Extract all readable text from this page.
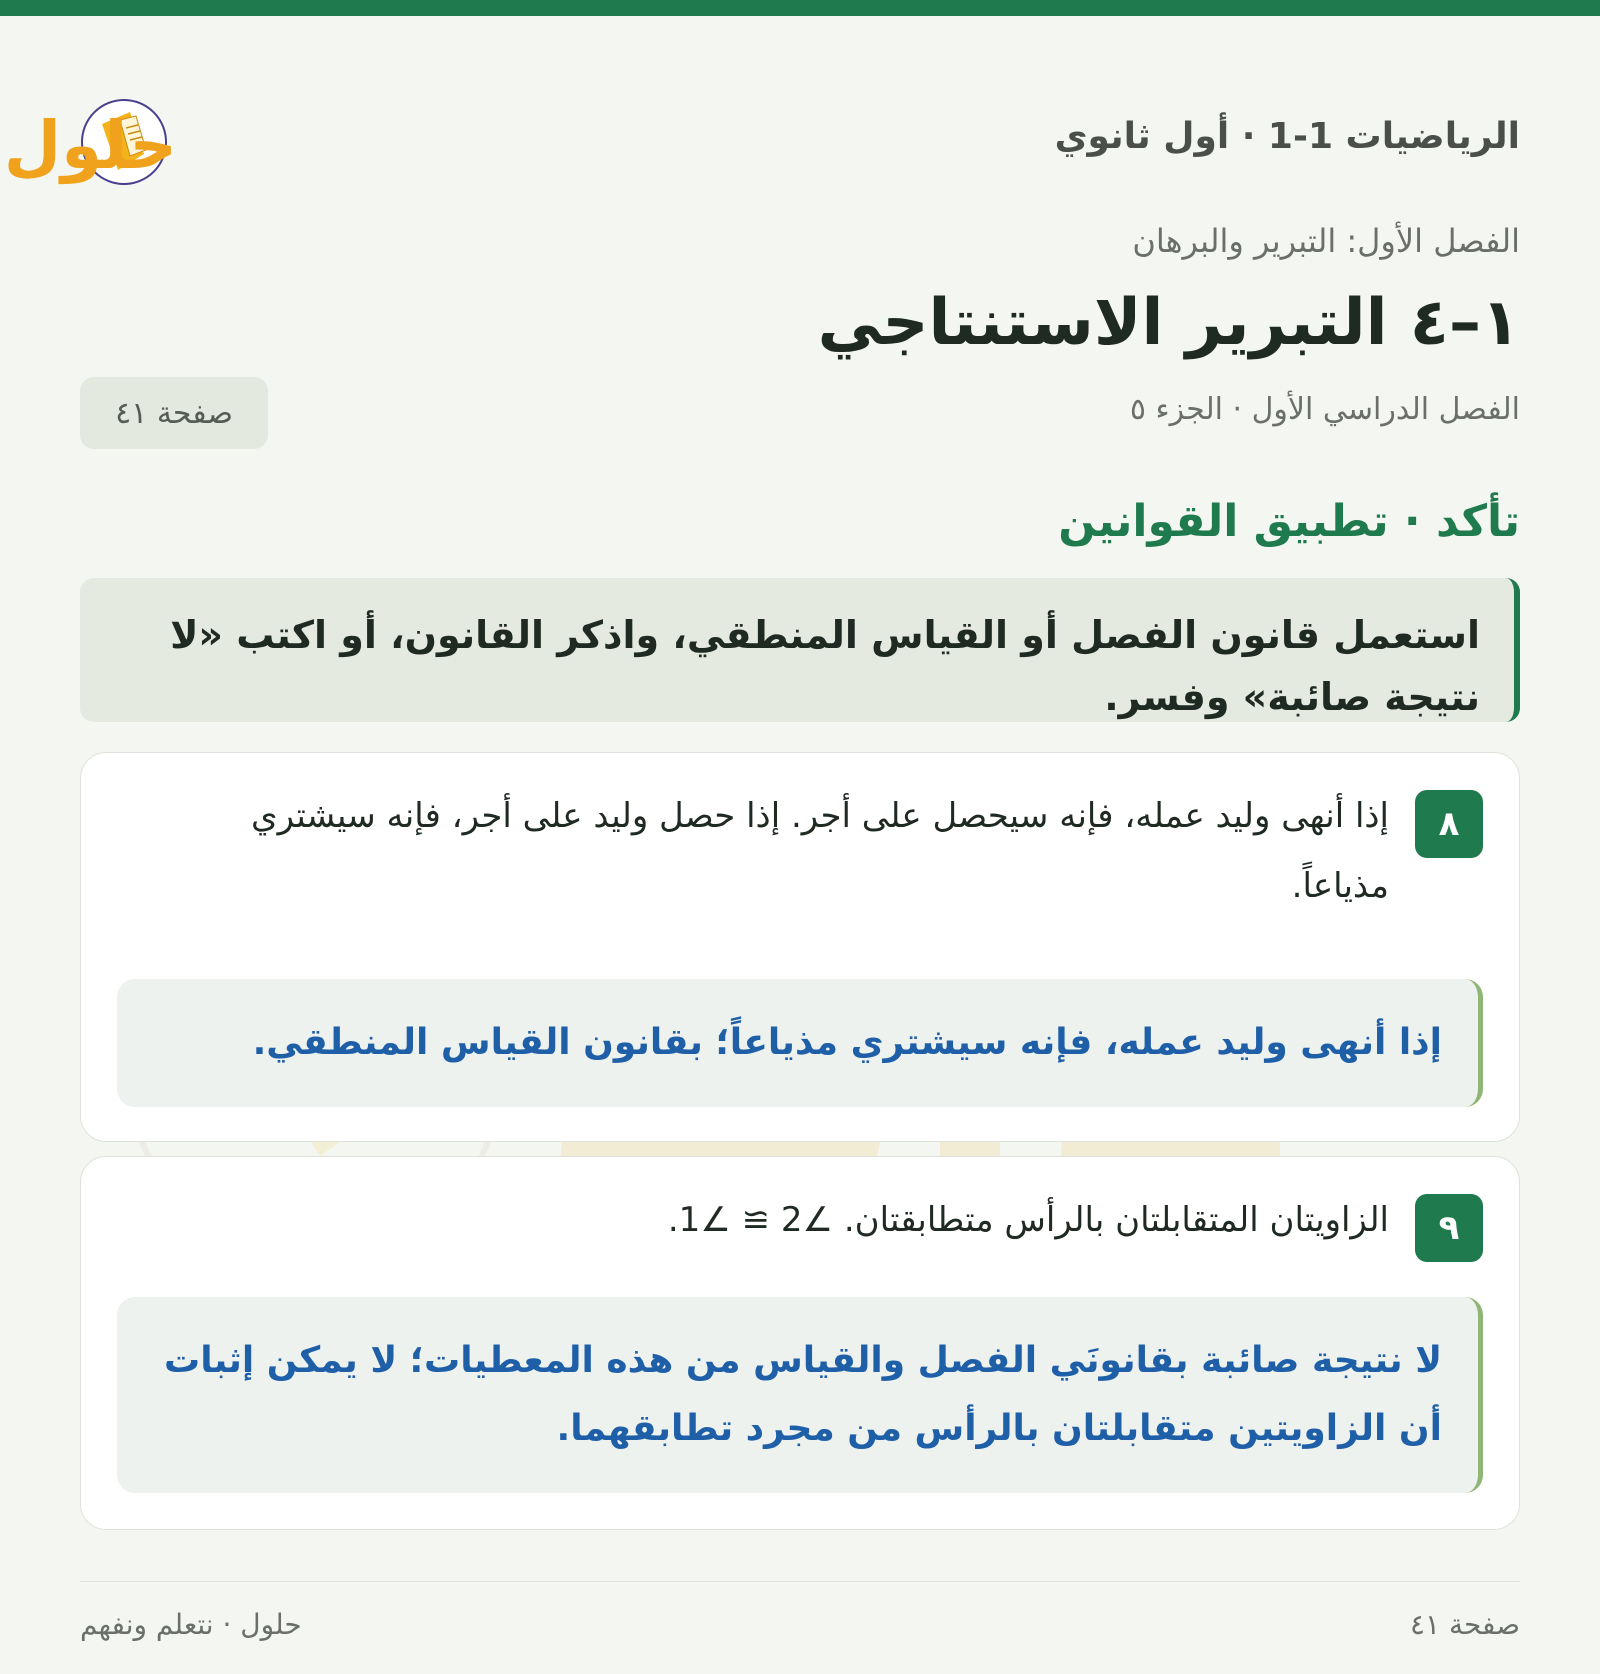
الرياضيات 1-1 · أول ثانوي
حلول
الفصل الأول: التبرير والبرهان
١–٤ التبرير الاستنتاجي
الفصل الدراسي الأول · الجزء ٥
صفحة ٤١
تأكد · تطبيق القوانين
استعمل قانون الفصل أو القياس المنطقي، واذكر القانون، أو اكتب «لا نتيجة صائبة» وفسر.
٨
إذا أنهى وليد عمله، فإنه سيحصل على أجر. إذا حصل وليد على أجر، فإنه سيشتري مذياعاً.
إذا أنهى وليد عمله، فإنه سيشتري مذياعاً؛ بقانون القياس المنطقي.
٩
الزاويتان المتقابلتان بالرأس متطابقتان. ∠2 ≅ ∠1.
لا نتيجة صائبة بقانونَي الفصل والقياس من هذه المعطيات؛ لا يمكن إثبات أن الزاويتين متقابلتان بالرأس من مجرد تطابقهما.
صفحة ٤١
حلول · نتعلم ونفهم
